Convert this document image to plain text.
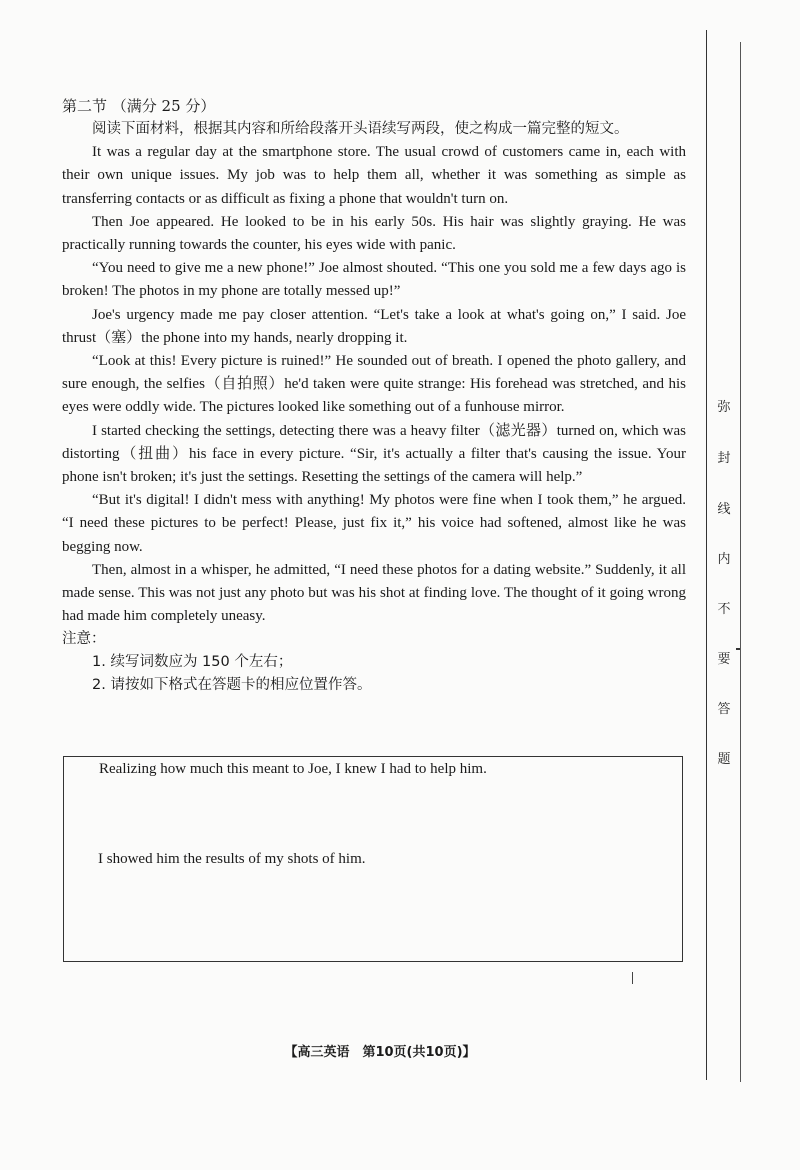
第二节 （满分 25 分）

阅读下面材料，根据其内容和所给段落开头语续写两段，使之构成一篇完整的短文。

It was a regular day at the smartphone store. The usual crowd of customers came in, each with their own unique issues. My job was to help them all, whether it was something as simple as transferring contacts or as difficult as fixing a phone that wouldn't turn on.

Then Joe appeared. He looked to be in his early 50s. His hair was slightly graying. He was practically running towards the counter, his eyes wide with panic.

“You need to give me a new phone!” Joe almost shouted. “This one you sold me a few days ago is broken! The photos in my phone are totally messed up!”

Joe's urgency made me pay closer attention. “Let's take a look at what's going on,” I said. Joe thrust（塞）the phone into my hands, nearly dropping it.

“Look at this! Every picture is ruined!” He sounded out of breath. I opened the photo gallery, and sure enough, the selfies（自拍照）he'd taken were quite strange: His forehead was stretched, and his eyes were oddly wide. The pictures looked like something out of a funhouse mirror.

I started checking the settings, detecting there was a heavy filter（滤光器）turned on, which was distorting（扭曲）his face in every picture. “Sir, it's actually a filter that's causing the issue. Your phone isn't broken; it's just the settings. Resetting the settings of the camera will help.”

“But it's digital! I didn't mess with anything! My photos were fine when I took them,” he argued. “I need these pictures to be perfect! Please, just fix it,” his voice had softened, almost like he was begging now.

Then, almost in a whisper, he admitted, “I need these photos for a dating website.” Suddenly, it all made sense. This was not just any photo but was his shot at finding love. The thought of it going wrong had made him completely uneasy.

注意：

1. 续写词数应为 150 个左右；

2. 请按如下格式在答题卡的相应位置作答。

Realizing how much this meant to Joe, I knew I had to help him.
I showed him the results of my shots of him.
【高三英语　第10页(共10页)】
弥
封
线
内
不
要
答
题
